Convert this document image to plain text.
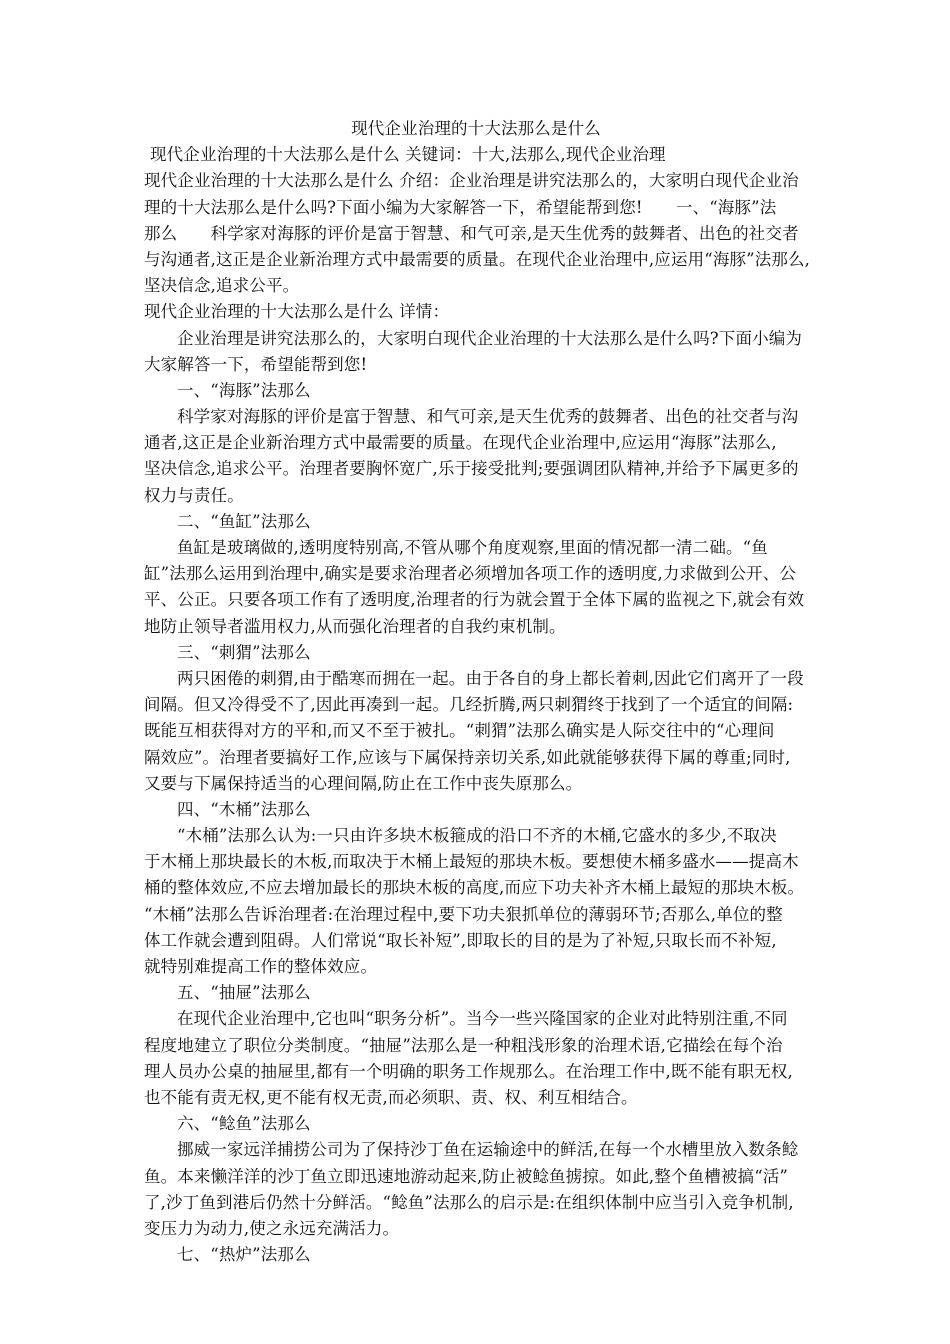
现代企业治理的十大法那么是什么
现代企业治理的十大法那么是什么 关键词：十大,法那么,现代企业治理
现代企业治理的十大法那么是什么 介绍：企业治理是讲究法那么的，大家明白现代企业治
理的十大法那么是什么吗?下面小编为大家解答一下，希望能帮到您!　　一、“海豚”法
那么　　科学家对海豚的评价是富于智慧、和气可亲,是天生优秀的鼓舞者、出色的社交者
与沟通者,这正是企业新治理方式中最需要的质量。在现代企业治理中,应运用“海豚”法那么,
坚决信念,追求公平。
现代企业治理的十大法那么是什么 详情：
企业治理是讲究法那么的，大家明白现代企业治理的十大法那么是什么吗?下面小编为
大家解答一下，希望能帮到您!
一、“海豚”法那么
科学家对海豚的评价是富于智慧、和气可亲,是天生优秀的鼓舞者、出色的社交者与沟
通者,这正是企业新治理方式中最需要的质量。在现代企业治理中,应运用“海豚”法那么,
坚决信念,追求公平。治理者要胸怀宽广,乐于接受批判;要强调团队精神,并给予下属更多的
权力与责任。
二、“鱼缸”法那么
鱼缸是玻璃做的,透明度特别高,不管从哪个角度观察,里面的情况都一清二础。“鱼
缸”法那么运用到治理中,确实是要求治理者必须增加各项工作的透明度,力求做到公开、公
平、公正。只要各项工作有了透明度,治理者的行为就会置于全体下属的监视之下,就会有效
地防止领导者滥用权力,从而强化治理者的自我约束机制。
三、“刺猬”法那么
两只困倦的刺猬,由于酷寒而拥在一起。由于各自的身上都长着刺,因此它们离开了一段
间隔。但又冷得受不了,因此再凑到一起。几经折腾,两只刺猬终于找到了一个适宜的间隔:
既能互相获得对方的平和,而又不至于被扎。“刺猬”法那么确实是人际交往中的“心理间
隔效应”。治理者要搞好工作,应该与下属保持亲切关系,如此就能够获得下属的尊重;同时,
又要与下属保持适当的心理间隔,防止在工作中丧失原那么。
四、“木桶”法那么
“木桶”法那么认为:一只由许多块木板箍成的沿口不齐的木桶,它盛水的多少,不取决
于木桶上那块最长的木板,而取决于木桶上最短的那块木板。要想使木桶多盛水——提高木
桶的整体效应,不应去增加最长的那块木板的高度,而应下功夫补齐木桶上最短的那块木板。
“木桶”法那么告诉治理者:在治理过程中,要下功夫狠抓单位的薄弱环节;否那么,单位的整
体工作就会遭到阻碍。人们常说“取长补短”,即取长的目的是为了补短,只取长而不补短,
就特别难提高工作的整体效应。
五、“抽屉”法那么
在现代企业治理中,它也叫“职务分析”。当今一些兴隆国家的企业对此特别注重,不同
程度地建立了职位分类制度。“抽屉”法那么是一种粗浅形象的治理术语,它描绘在每个治
理人员办公桌的抽屉里,都有一个明确的职务工作规那么。在治理工作中,既不能有职无权,
也不能有责无权,更不能有权无责,而必须职、责、权、利互相结合。
六、“鲶鱼”法那么
挪威一家远洋捕捞公司为了保持沙丁鱼在运输途中的鲜活,在每一个水槽里放入数条鲶
鱼。本来懒洋洋的沙丁鱼立即迅速地游动起来,防止被鲶鱼掳掠。如此,整个鱼槽被搞“活”
了,沙丁鱼到港后仍然十分鲜活。“鲶鱼”法那么的启示是:在组织体制中应当引入竞争机制,
变压力为动力,使之永远充满活力。
七、“热炉”法那么
